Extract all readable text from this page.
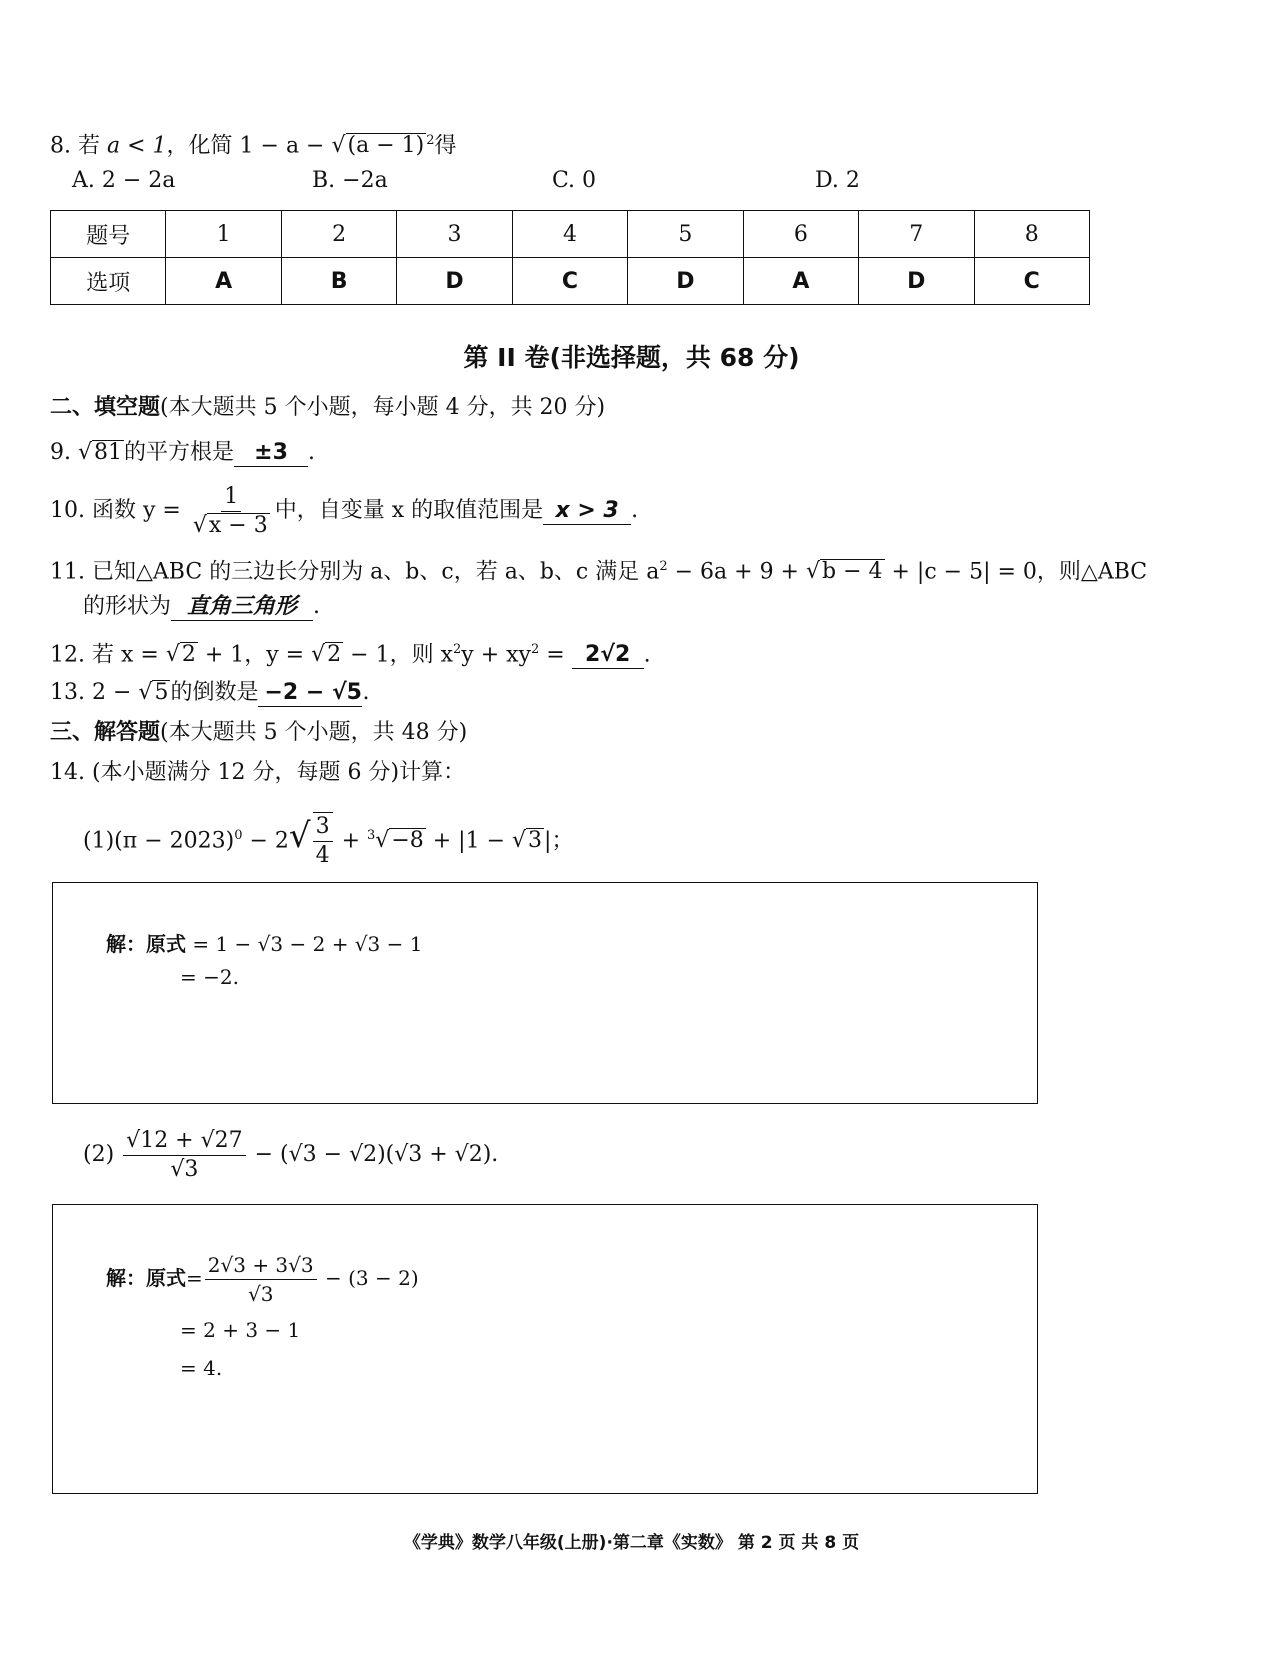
8. 若 a < 1，化简 1 − a − √ (a − 1) $^2$得
A. 2 − 2a	B. −2a	C. 0	D. 2
题号	1	2	3	4	5	6	7	8
选项	A	B	D	C	D	A	D	C
第 II 卷(非选择题，共 68 分)
二、填空题(本大题共 5 个小题，每小题 4 分，共 20 分)
9. √ 81的平方根是 ±3 .
10. 函数 y = 1
√ x − 3 中，自变量 x 的取值范围是 x > 3 .
11. 已知△ABC 的三边长分别为 a、b、c，若 a、b、c 满足 $a^2 - 6a + 9$ + √ b − 4 + |c − 5| = 0，则△ABC
的形状为 直角三角形 .
12. 若 x = √ 2 + 1，y = √ 2 − 1，则 $x^2y + xy^2 = 2√2$ .
13. 2 − √ 5的倒数是 −2 − √5.
三、解答题(本大题共 5 个小题，共 48 分)
14. (本小题满分 12 分，每题 6 分)计算：
$(1)(\pi - 2023)^0 - 2$ √ $\frac{3}{4} + ^3$ √ −8 + |1 − √ 3|；
解：原式 = 1 − √3 − 2 + √3 − 1
= −2.
$(2) \frac{√12 + √27}{√3} - (√3 - √2)(√3 + √2)$.
解：原式= $\frac{2√3 + 3√3}{√3} - (3 - 2)$
= 2 + 3 − 1
= 4.
《学典》数学八年级(上册)·第二章《实数》 第 2 页 共 8 页
